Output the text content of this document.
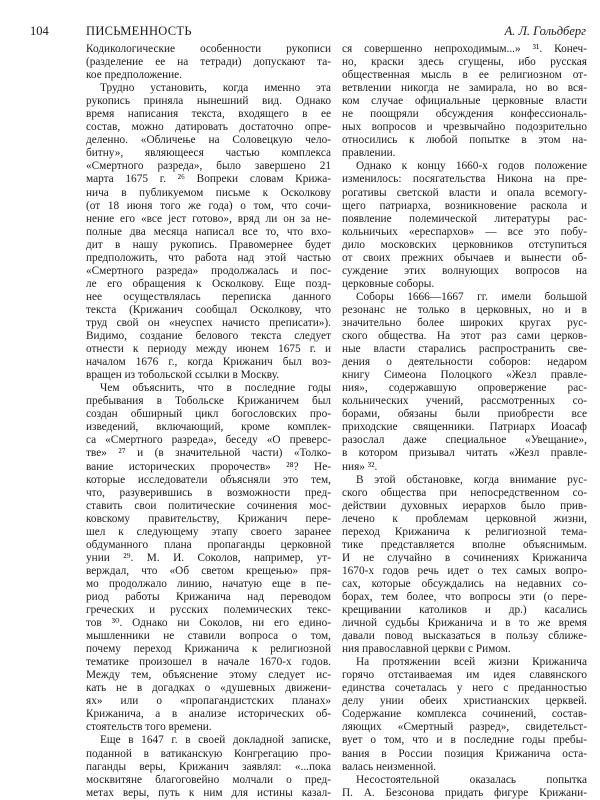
104	ПИСЬМЕННОСТЬ	А. Л. Гольдберг
Кодикологические особенности рукописи
(разделение ее на тетради) допускают та-
кое предположение.
Трудно установить, когда именно эта
рукопись приняла нынешний вид. Однако
время написания текста, входящего в ее
состав, можно датировать достаточно опре-
деленно. «Обличење на Соловецкую чело-
битну», являющееся частью комплекса
«Смертного разреда», было завершено 21
марта 1675 г. ²⁶ Вопреки словам Крижа-
нича в публикуемом письме к Осколкову
(от 18 июня того же года) о том, что сочи-
нение его «все јест готово», вряд ли он за не-
полные два месяца написал все то, что вхо-
дит в нашу рукопись. Правомернее будет
предположить, что работа над этой частью
«Смертного разреда» продолжалась и пос-
ле его обращения к Осколкову. Еще позд-
нее осуществлялась переписка данного
текста (Крижанич сообщал Осколкову, что
труд свой он «неуспех начисто преписати»).
Видимо, создание белового текста следует
отнести к периоду между июнем 1675 г. и
началом 1676 г., когда Крижанич был воз-
вращен из тобольской ссылки в Москву.
Чем объяснить, что в последние годы
пребывания в Тобольске Крижаничем был
создан обширный цикл богословских про-
изведений, включающий, кроме комплек-
са «Смертного разреда», беседу «О преверс-
тве» ²⁷ и (в значительной части) «Толко-
вание исторических пророчеств» ²⁸? Не-
которые исследователи объясняли это тем,
что, разуверившись в возможности пред-
ставить свои политические сочинения мос-
ковскому правительству, Крижанич пере-
шел к следующему этапу своего заранее
обдуманного плана пропаганды церковной
унии ²⁹. М. И. Соколов, например, ут-
верждал, что «Об светом крещењю» пря-
мо продолжало линию, начатую еще в пе-
риод работы Крижанича над переводом
греческих и русских полемических текс-
тов ³⁰. Однако ни Соколов, ни его едино-
мышленники не ставили вопроса о том,
почему переход Крижанича к религиозной
тематике произошел в начале 1670-х годов.
Между тем, объяснение этому следует ис-
кать не в догадках о «душевных движени-
ях» или о «пропагандистских планах»
Крижанича, а в анализе исторических об-
стоятельств того времени.
Еще в 1647 г. в своей докладной записке,
поданной в ватиканскую Конгрегацию про-
паганды веры, Крижанич заявлял: «...пока
москвитяне благоговейно молчали о пред-
метах веры, путь к ним для истины казал-
ся совершенно непроходимым...» ³¹. Конеч-
но, краски здесь сгущены, ибо русская
общественная мысль в ее религиозном от-
ветвлении никогда не замирала, но во вся-
ком случае официальные церковные власти
не поощряли обсуждения конфессиональ-
ных вопросов и чрезвычайно подозрительно
относились к любой попытке в этом на-
правлении.
Однако к концу 1660-х годов положение
изменилось: посягательства Никона на пре-
рогативы светской власти и опала всемогу-
щего патриарха, возникновение раскола и
появление полемической литературы рас-
кольничьих «ереспархов» — все это побу-
дило московских церковников отступиться
от своих прежних обычаев и вынести об-
суждение этих волнующих вопросов на
церковные соборы.
Соборы 1666—1667 гг. имели большой
резонанс не только в церковных, но и в
значительно более широких кругах рус-
ского общества. На этот раз сами церков-
ные власти старались распространить све-
дения о деятельности соборов: недаром
книгу Симеона Полоцкого «Жезл правле-
ния», содержавшую опровержение рас-
кольнических учений, рассмотренных со-
борами, обязаны были приобрести все
приходские священники. Патриарх Иоасаф
разослал даже специальное «Увещание»,
в котором призывал читать «Жезл правле-
ния» ³².
В этой обстановке, когда внимание рус-
ского общества при непосредственном со-
действии духовных иерархов было прив-
лечено к проблемам церковной жизни,
переход Крижанича к религиозной тема-
тике представляется вполне объяснимым.
И не случайно в сочинениях Крижанича
1670-х годов речь идет о тех самых вопро-
сах, которые обсуждались на недавних со-
борах, тем более, что вопросы эти (о пере-
крещивании католиков и др.) касались
личной судьбы Крижанича и в то же время
давали повод высказаться в пользу сближе-
ния православной церкви с Римом.
На протяжении всей жизни Крижанича
горячо отстаиваемая им идея славянского
единства сочеталась у него с преданностью
делу унии обеих христианских церквей.
Содержание комплекса сочинений, состав-
ляющих «Смертный разред», свидетельст-
вует о том, что и в последние годы пребы-
вания в России позиция Крижанича оста-
валась неизменной.
Несостоятельной оказалась попытка
П. А. Безсонова придать фигуре Крижани-
